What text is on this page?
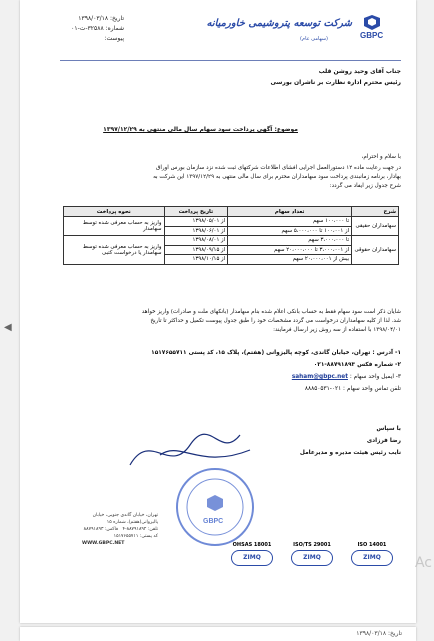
◀
GBPC
شرکت توسعه پتروشیمی خاورمیانه
(سهامی عام)
تاریخ: ۱۳۹۸/۰۳/۱۸
شماره: ۳۲۵۸۸-ت-۰۱
پیوست:
جناب آقای وحید روشن قلب
رئیس محترم اداره نظارت بر ناشران بورسی
موضوع: آگهی پرداخت سود سهام سال مالی منتهی به ۱۳۹۷/۱۲/۲۹
با سلام و احترام،
در جهت رعایت ماده ۱۲ دستورالعمل اجرایی افشای اطلاعات شرکتهای ثبت شده نزد سازمان بورس اوراق
بهادار، برنامه زمانبندی پرداخت سود سهامداران محترم برای سال مالی منتهی به ۱۳۹۷/۱۲/۲۹ این شرکت به
شرح جدول زیر ایفاد می گردد:
شرح	تعداد سهام	تاریخ پرداخت	نحوه پرداخت
سهامداران حقیقی	تا ۱۰۰،۰۰۰ سهم	از ۱۳۹۸/۰۵/۰۱	واریز به حساب معرفی شده توسط سهامدار
	از ۱۰۰،۰۰۱ تا ۵،۰۰۰،۰۰۰ سهم	از ۱۳۹۸/۰۶/۰۱	
سهامداران حقوقی	تا ۳،۰۰۰،۰۰۰ سهم	از ۱۳۹۸/۰۸/۰۱	واریز به حساب معرفی شده توسط سهامدار یا درخواست کتبی
	از ۳،۰۰۰،۰۰۱ تا ۲۰،۰۰۰،۰۰۰ سهم	از ۱۳۹۸/۰۹/۱۵	
	بیش از ۲۰،۰۰۰،۰۰۱ سهم	از ۱۳۹۸/۱۰/۱۵	
شایان ذکر است سود سهام فقط به حساب بانکی اعلام شده بنام سهامدار (بانکهای ملت و صادرات) واریز خواهد
شد. لذا از کلیه سهامداران درخواست می گردد مشخصات خود را طبق جدول پیوست تکمیل و حداکثر تا تاریخ
۱۳۹۸/۰۴/۰۱ با استفاده از سه روش زیر ارسال فرمایند:
۱- آدرس : تهران، خیابان گاندی، کوچه پالیزوانی (هفتم)، پلاک ۱۵، کد پستی ۱۵۱۷۶۵۵۷۱۱
۲- شماره فکس ۸۸۷۹۱۸۹۳-۰۲۱
۳- ایمیل واحد سهام : saham@gbpc.net
تلفن تماس واحد سهام : ۰۲۱-۸۸۸۵۰۵۳۱
با سپاس
رضا فرزادی
نایب رئیس هیئت مدیره و مدیرعامل
GBPC
تهران، خیابان گاندی جنوبی، خیابان پالیزوانی(هفتم)، شماره ۱۵
تلفن: ۸۸۷۹۱۸۹۲-۴   فاکس: ۸۸۷۹۱۸۹۳
کد پستی: ۱۵۱۷۶۵۵۷۱۱
WWW.GBPC.NET	OHSAS 18001
ZIMQ
ISO/TS 29001
ZIMQ
ISO 14001
ZIMQ	Ac
تاریخ: ۱۳۹۸/۰۳/۱۸
